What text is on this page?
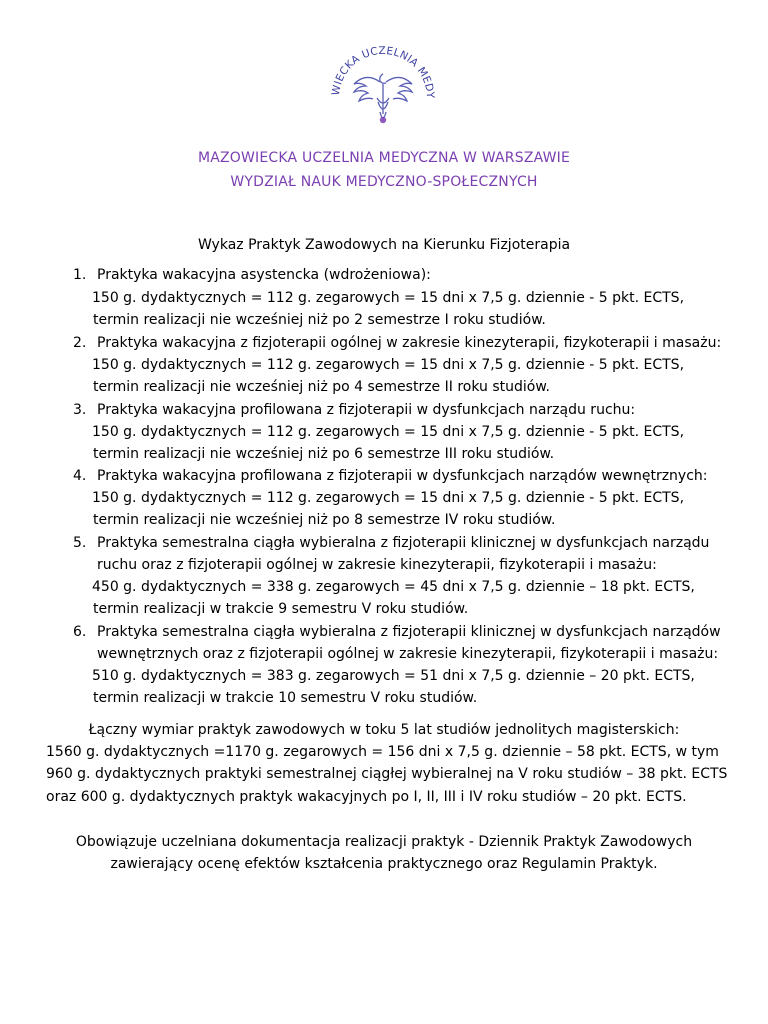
WIECKA UCZELNIA MEDY
MAZOWIECKA UCZELNIA MEDYCZNA W WARSZAWIE
WYDZIAŁ NAUK MEDYCZNO-SPOŁECZNYCH
Wykaz Praktyk Zawodowych na Kierunku Fizjoterapia
1. Praktyka wakacyjna asystencka (wdrożeniowa):
150 g. dydaktycznych = 112 g. zegarowych = 15 dni x 7,5 g. dziennie - 5 pkt. ECTS,
termin realizacji nie wcześniej niż po 2 semestrze I roku studiów.
2. Praktyka wakacyjna z fizjoterapii ogólnej w zakresie kinezyterapii, fizykoterapii i masażu:
150 g. dydaktycznych = 112 g. zegarowych = 15 dni x 7,5 g. dziennie - 5 pkt. ECTS,
termin realizacji nie wcześniej niż po 4 semestrze II roku studiów.
3. Praktyka wakacyjna profilowana z fizjoterapii w dysfunkcjach narządu ruchu:
150 g. dydaktycznych = 112 g. zegarowych = 15 dni x 7,5 g. dziennie - 5 pkt. ECTS,
termin realizacji nie wcześniej niż po 6 semestrze III roku studiów.
4. Praktyka wakacyjna profilowana z fizjoterapii w dysfunkcjach narządów wewnętrznych:
150 g. dydaktycznych = 112 g. zegarowych = 15 dni x 7,5 g. dziennie - 5 pkt. ECTS,
termin realizacji nie wcześniej niż po 8 semestrze IV roku studiów.
5. Praktyka semestralna ciągła wybieralna z fizjoterapii klinicznej w dysfunkcjach narządu
ruchu oraz z fizjoterapii ogólnej w zakresie kinezyterapii, fizykoterapii i masażu:
450 g. dydaktycznych = 338 g. zegarowych = 45 dni x 7,5 g. dziennie – 18 pkt. ECTS,
termin realizacji w trakcie 9 semestru V roku studiów.
6. Praktyka semestralna ciągła wybieralna z fizjoterapii klinicznej w dysfunkcjach narządów
wewnętrznych oraz z fizjoterapii ogólnej w zakresie kinezyterapii, fizykoterapii i masażu:
510 g. dydaktycznych = 383 g. zegarowych = 51 dni x 7,5 g. dziennie – 20 pkt. ECTS,
termin realizacji w trakcie 10 semestru V roku studiów.
Łączny wymiar praktyk zawodowych w toku 5 lat studiów jednolitych magisterskich:
1560 g. dydaktycznych =1170 g. zegarowych = 156 dni x 7,5 g. dziennie – 58 pkt. ECTS, w tym
960 g. dydaktycznych praktyki semestralnej ciągłej wybieralnej na V roku studiów – 38 pkt. ECTS
oraz 600 g. dydaktycznych praktyk wakacyjnych po I, II, III i IV roku studiów – 20 pkt. ECTS.
Obowiązuje uczelniana dokumentacja realizacji praktyk - Dziennik Praktyk Zawodowych
zawierający ocenę efektów kształcenia praktycznego oraz Regulamin Praktyk.
